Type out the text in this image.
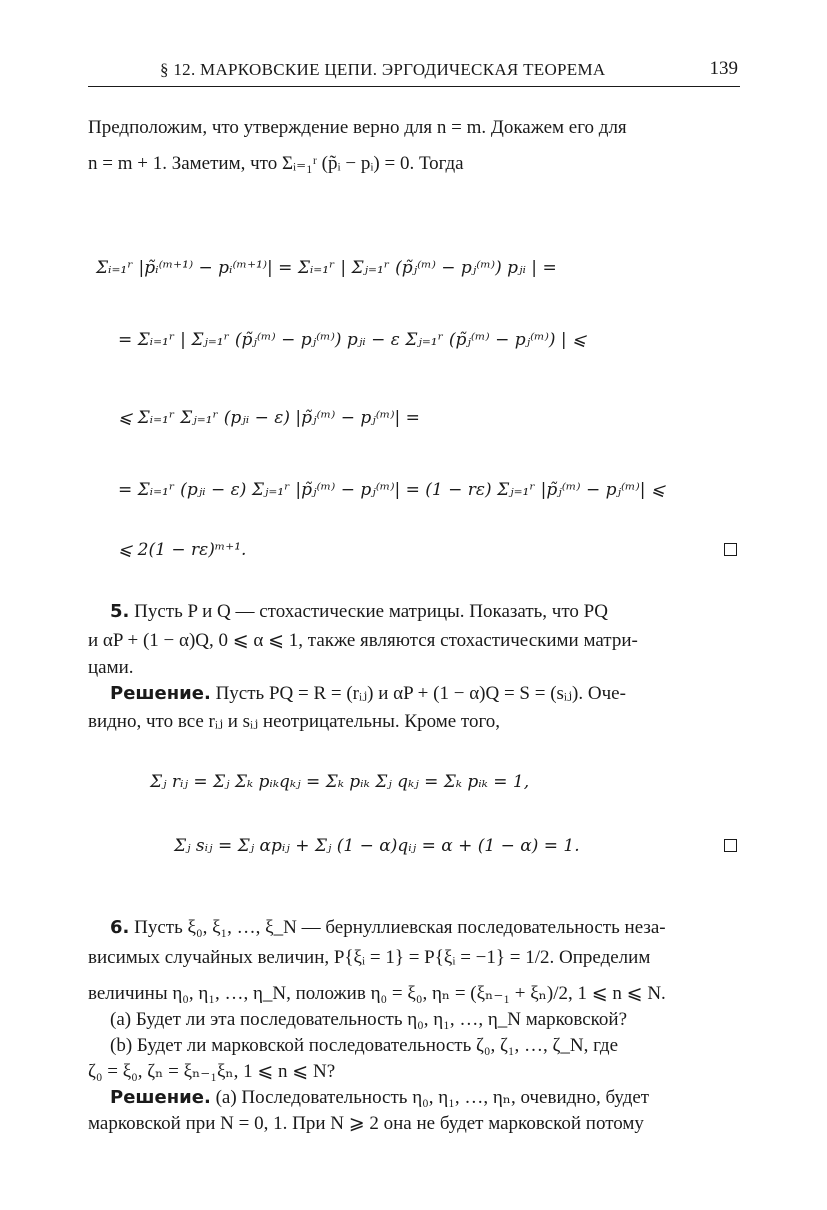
§ 12. МАРКОВСКИЕ ЦЕПИ. ЭРГОДИЧЕСКАЯ ТЕОРЕМА	139
Предположим, что утверждение верно для n = m. Докажем его для
n = m + 1. Заметим, что Σᵢ₌₁ʳ (p̃ᵢ − pᵢ) = 0. Тогда
Σᵢ₌₁ʳ |p̃ᵢ⁽ᵐ⁺¹⁾ − pᵢ⁽ᵐ⁺¹⁾| = Σᵢ₌₁ʳ | Σⱼ₌₁ʳ (p̃ⱼ⁽ᵐ⁾ − pⱼ⁽ᵐ⁾) pⱼᵢ | =
= Σᵢ₌₁ʳ | Σⱼ₌₁ʳ (p̃ⱼ⁽ᵐ⁾ − pⱼ⁽ᵐ⁾) pⱼᵢ − ε Σⱼ₌₁ʳ (p̃ⱼ⁽ᵐ⁾ − pⱼ⁽ᵐ⁾) | ⩽
⩽ Σᵢ₌₁ʳ Σⱼ₌₁ʳ (pⱼᵢ − ε) |p̃ⱼ⁽ᵐ⁾ − pⱼ⁽ᵐ⁾| =
= Σᵢ₌₁ʳ (pⱼᵢ − ε) Σⱼ₌₁ʳ |p̃ⱼ⁽ᵐ⁾ − pⱼ⁽ᵐ⁾| = (1 − rε) Σⱼ₌₁ʳ |p̃ⱼ⁽ᵐ⁾ − pⱼ⁽ᵐ⁾| ⩽
⩽ 2(1 − rε)ᵐ⁺¹.
5. Пусть P и Q — стохастические матрицы. Показать, что PQ
и αP + (1 − α)Q, 0 ⩽ α ⩽ 1, также являются стохастическими матри-
цами.
Решение. Пусть PQ = R = (rᵢⱼ) и αP + (1 − α)Q = S = (sᵢⱼ). Оче-
видно, что все rᵢⱼ и sᵢⱼ неотрицательны. Кроме того,
Σⱼ rᵢⱼ = Σⱼ Σₖ pᵢₖqₖⱼ = Σₖ pᵢₖ Σⱼ qₖⱼ = Σₖ pᵢₖ = 1,
Σⱼ sᵢⱼ = Σⱼ αpᵢⱼ + Σⱼ (1 − α)qᵢⱼ = α + (1 − α) = 1.
6. Пусть ξ₀, ξ₁, …, ξ_N — бернуллиевская последовательность неза-
висимых случайных величин, P{ξᵢ = 1} = P{ξᵢ = −1} = 1/2. Определим
величины η₀, η₁, …, η_N, положив η₀ = ξ₀, ηₙ = (ξₙ₋₁ + ξₙ)/2, 1 ⩽ n ⩽ N.
(a) Будет ли эта последовательность η₀, η₁, …, η_N марковской?
(b) Будет ли марковской последовательность ζ₀, ζ₁, …, ζ_N, где
ζ₀ = ξ₀, ζₙ = ξₙ₋₁ξₙ, 1 ⩽ n ⩽ N?
Решение. (a) Последовательность η₀, η₁, …, ηₙ, очевидно, будет
марковской при N = 0, 1. При N ⩾ 2 она не будет марковской потому
